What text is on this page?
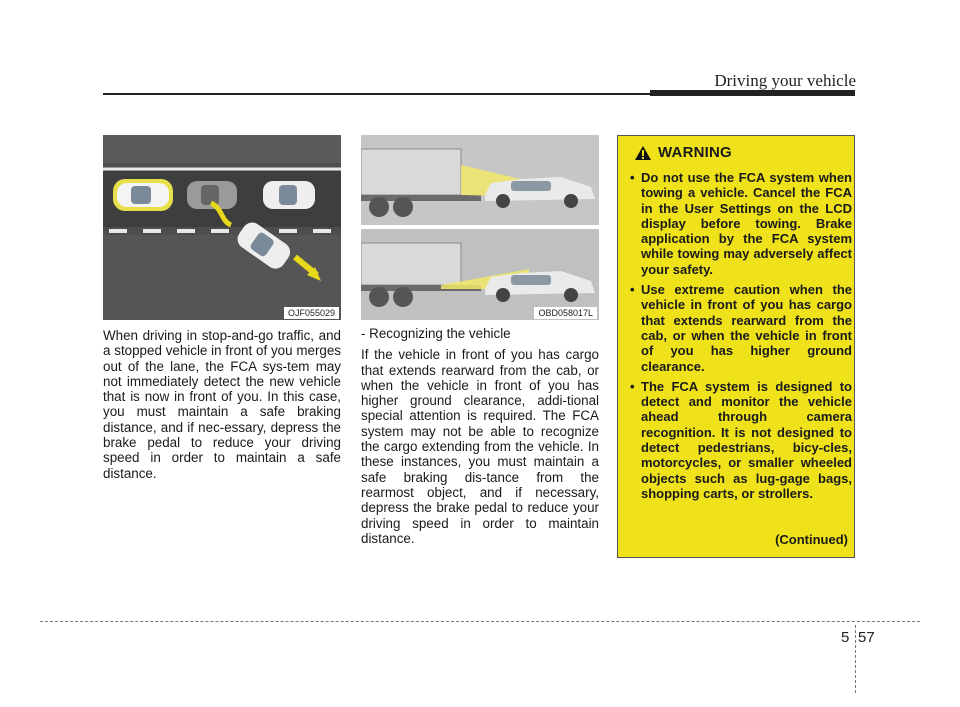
Driving your vehicle
OJF055029	OBD058017L

When driving in stop-and-go traffic, and a stopped vehicle in front of you merges out of the lane, the FCA sys-tem may not immediately detect the new vehicle that is now in front of you. In this case, you must maintain a safe braking distance, and if nec-essary, depress the brake pedal to reduce your driving speed in order to maintain a safe distance.

- Recognizing the vehicle

If the vehicle in front of you has cargo that extends rearward from the cab, or when the vehicle in front of you has higher ground clearance, addi-tional special attention is required. The FCA system may not be able to recognize the cargo extending from the vehicle. In these instances, you must maintain a safe braking dis-tance from the rearmost object, and if necessary, depress the brake pedal to reduce your driving speed in order to maintain distance.

WARNING
• Do not use the FCA system when towing a vehicle. Cancel the FCA in the User Settings on the LCD display before towing. Brake application by the FCA system while towing may adversely affect your safety.
• Use extreme caution when the vehicle in front of you has cargo that extends rearward from the cab, or when the vehicle in front of you has higher ground clearance.
• The FCA system is designed to detect and monitor the vehicle ahead through camera recognition. It is not designed to detect pedestrians, bicy-cles, motorcycles, or smaller wheeled objects such as lug-gage bags, shopping carts, or strollers.
(Continued)
5 57
